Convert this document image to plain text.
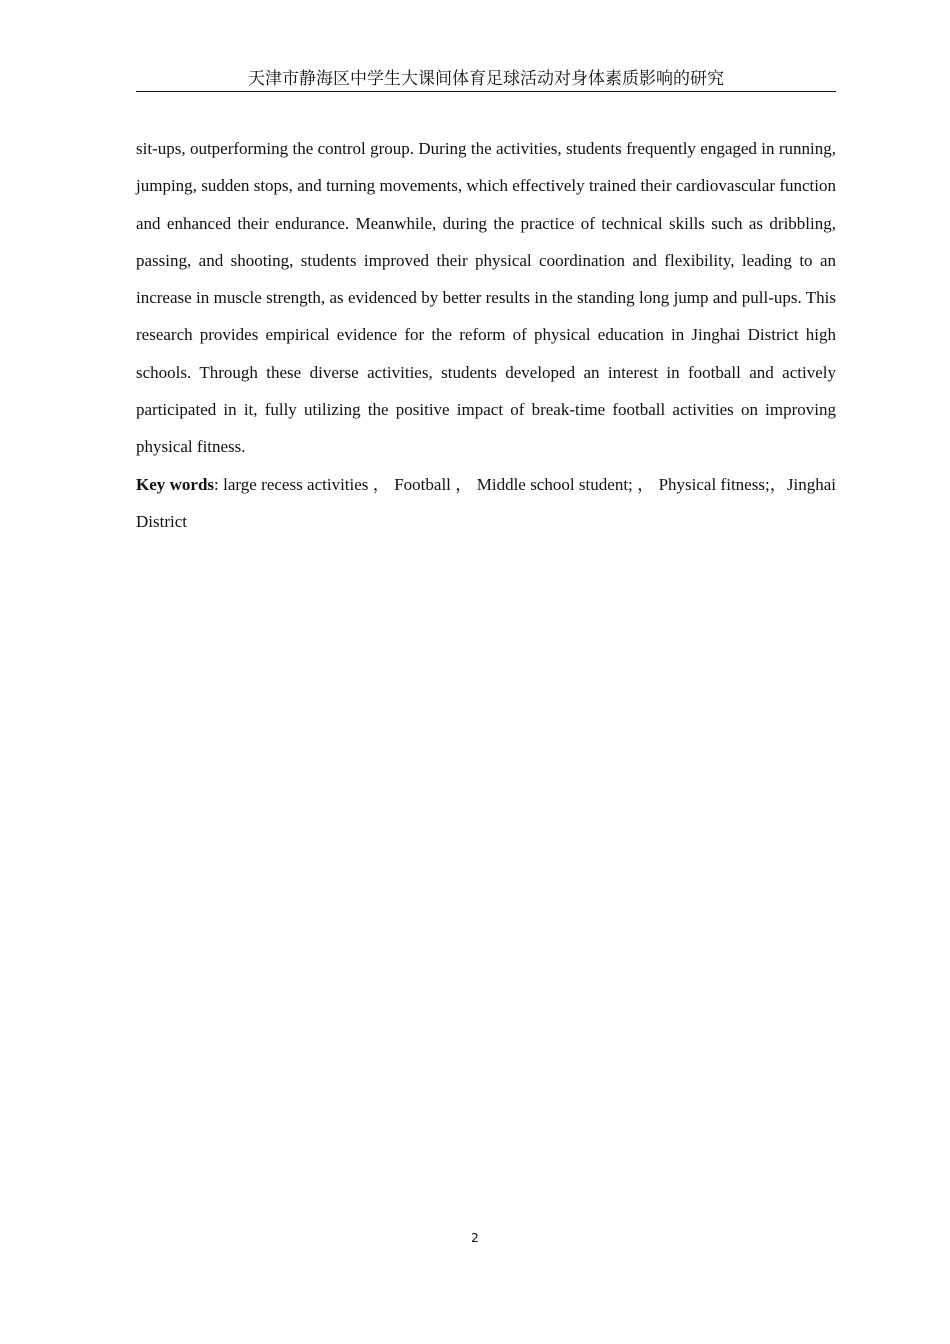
天津市静海区中学生大课间体育足球活动对身体素质影响的研究

sit-ups, outperforming the control group. During the activities, students frequently engaged in running, jumping, sudden stops, and turning movements, which effectively trained their cardiovascular function and enhanced their endurance. Meanwhile, during the practice of technical skills such as dribbling, passing, and shooting, students improved their physical coordination and flexibility, leading to an increase in muscle strength, as evidenced by better results in the standing long jump and pull-ups. This research provides empirical evidence for the reform of physical education in Jinghai District high schools. Through these diverse activities, students developed an interest in football and actively participated in it, fully utilizing the positive impact of break-time football activities on improving physical fitness.

Key words: large recess activities ， Football ， Middle school student; ， Physical fitness;，Jinghai District

2
